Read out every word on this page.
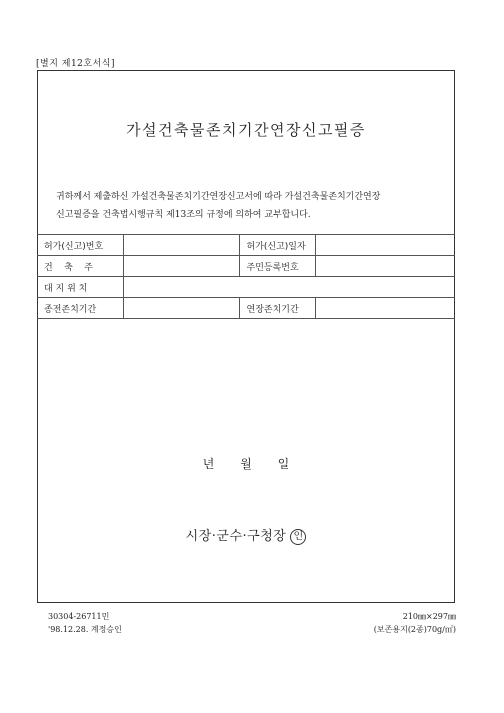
[별지 제12호서식]
가설건축물존치기간연장신고필증
귀하께서 제출하신 가설건축물존치기간연장신고서에 따라 가설건축물존치기간연장
신고필증을 건축법시행규칙 제13조의 규정에 의하여 교부합니다.
허가(신고)번호		허가(신고)일자	
건    축    주		주민등록번호	
대 지 위 치			
종전존치기간		연장존치기간	
년 월 일
시장·군수·구청장 인
30304-26711민
'98.12.28. 계정승인
210㎜×297㎜
(보존용지(2종)70g/㎡)
